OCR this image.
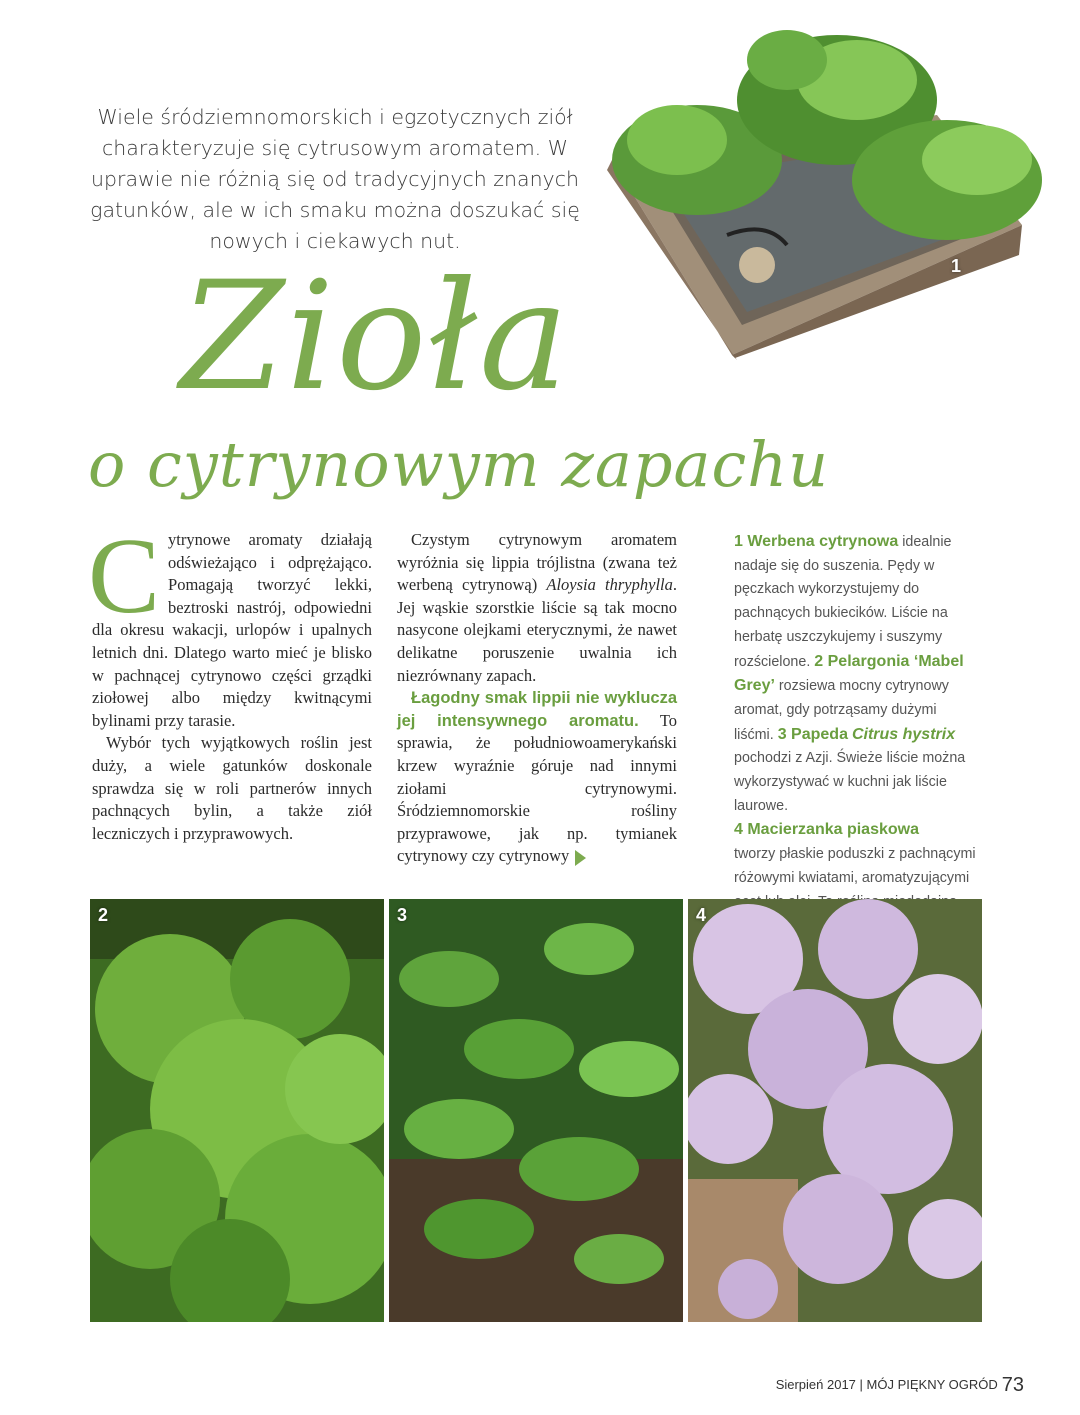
Wiele śródziemnomorskich i egzotycznych ziół charakteryzuje się cytrusowym aromatem. W uprawie nie różnią się od tradycyjnych znanych gatunków, ale w ich smaku można doszukać się nowych i ciekawych nut.
1
Zioła
o cytrynowym zapachu

Cytrynowe aromaty działają odświeżająco i odprężająco. Pomagają tworzyć lekki, beztroski nastrój, odpowiedni dla okresu wakacji, urlopów i upalnych letnich dni. Dlatego warto mieć je blisko w pachnącej cytrynowo części grządki ziołowej albo między kwitnącymi bylinami przy tarasie.

Wybór tych wyjątkowych roślin jest duży, a wiele gatunków doskonale sprawdza się w roli partnerów innych pachnących bylin, a także ziół leczniczych i przyprawowych.

Czystym cytrynowym aromatem wyróżnia się lippia trójlistna (zwana też werbeną cytrynową) Aloysia thryphylla. Jej wąskie szorstkie liście są tak mocno nasycone olejkami eterycznymi, że nawet delikatne poruszenie uwalnia ich niezrównany zapach.

Łagodny smak lippii nie wyklucza jej intensywnego aromatu. To sprawia, że południowoamerykański krzew wyraźnie góruje nad innymi ziołami cytrynowymi. Śródziemnomorskie rośliny przyprawowe, jak np. tymianek cytrynowy czy cytrynowy

1 Werbena cytrynowa idealnie nadaje się do suszenia. Pędy w pęczkach wykorzystujemy do pachnących bukiecików. Liście na herbatę uszczykujemy i suszymy rozścielone. 2 Pelargonia ‘Mabel Grey’ rozsiewa mocny cytrynowy aromat, gdy potrząsamy dużymi liśćmi. 3 Papeda Citrus hystrix pochodzi z Azji. Świeże liście można wykorzystywać w kuchni jak liście laurowe.
4 Macierzanka piaskowa
tworzy płaskie poduszki z pachnącymi różowymi kwiatami, aromatyzującymi
2	3	4
Sierpień 2017 | MÓJ PIĘKNY OGRÓD 73
